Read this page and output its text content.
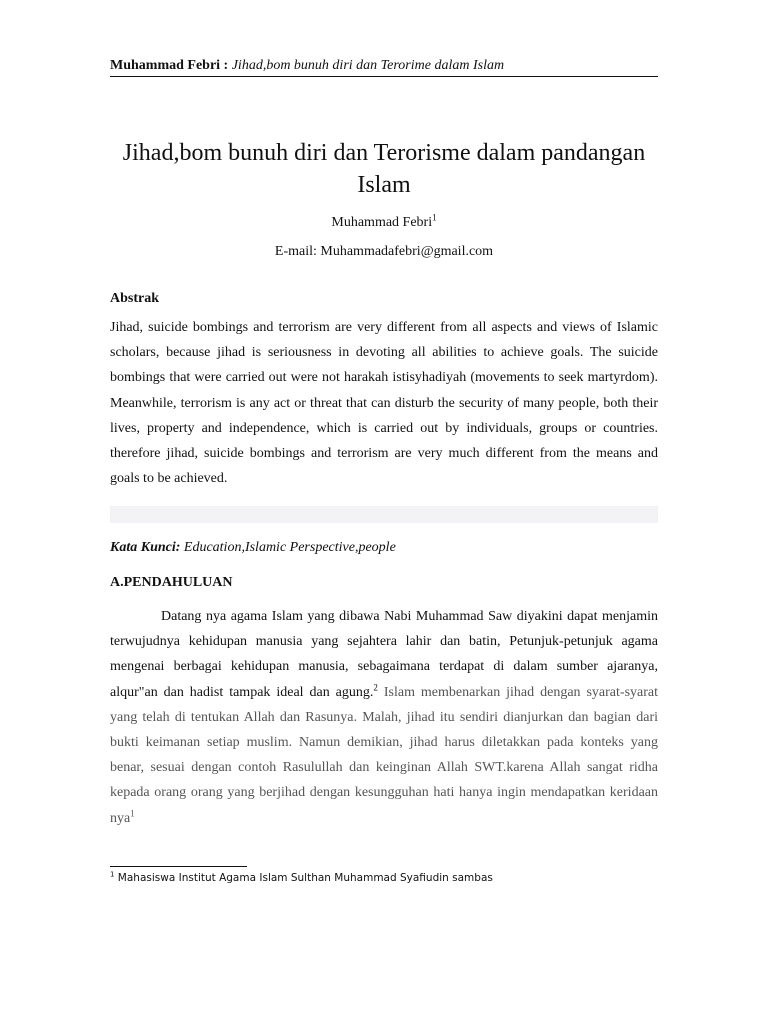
Muhammad Febri : Jihad,bom bunuh diri dan Terorime dalam Islam
Jihad,bom bunuh diri dan Terorisme dalam pandangan Islam
Muhammad Febri$^1$
E-mail: Muhammadafebri@gmail.com
Abstrak
Jihad, suicide bombings and terrorism are very different from all aspects and views of Islamic scholars, because jihad is seriousness in devoting all abilities to achieve goals. The suicide bombings that were carried out were not harakah istisyhadiyah (movements to seek martyrdom). Meanwhile, terrorism is any act or threat that can disturb the security of many people, both their lives, property and independence, which is carried out by individuals, groups or countries. therefore jihad, suicide bombings and terrorism are very much different from the means and goals to be achieved.
Kata Kunci: Education,Islamic Perspective,people
A.PENDAHULUAN
Datang nya agama Islam yang dibawa Nabi Muhammad Saw diyakini dapat menjamin terwujudnya kehidupan manusia yang sejahtera lahir dan batin, Petunjuk-petunjuk agama mengenai berbagai kehidupan manusia, sebagaimana terdapat di dalam sumber ajaranya, alqur"an dan hadist tampak ideal dan agung.$^2$ Islam membenarkan jihad dengan syarat-syarat yang telah di tentukan Allah dan Rasunya. Malah, jihad itu sendiri dianjurkan dan bagian dari bukti keimanan setiap muslim. Namun demikian, jihad harus diletakkan pada konteks yang benar, sesuai dengan contoh Rasulullah dan keinginan Allah SWT.karena Allah sangat ridha kepada orang orang yang berjihad dengan kesungguhan hati hanya ingin mendapatkan keridaan nya$^1$
$^1$ Mahasiswa Institut Agama Islam Sulthan Muhammad Syafiudin sambas
